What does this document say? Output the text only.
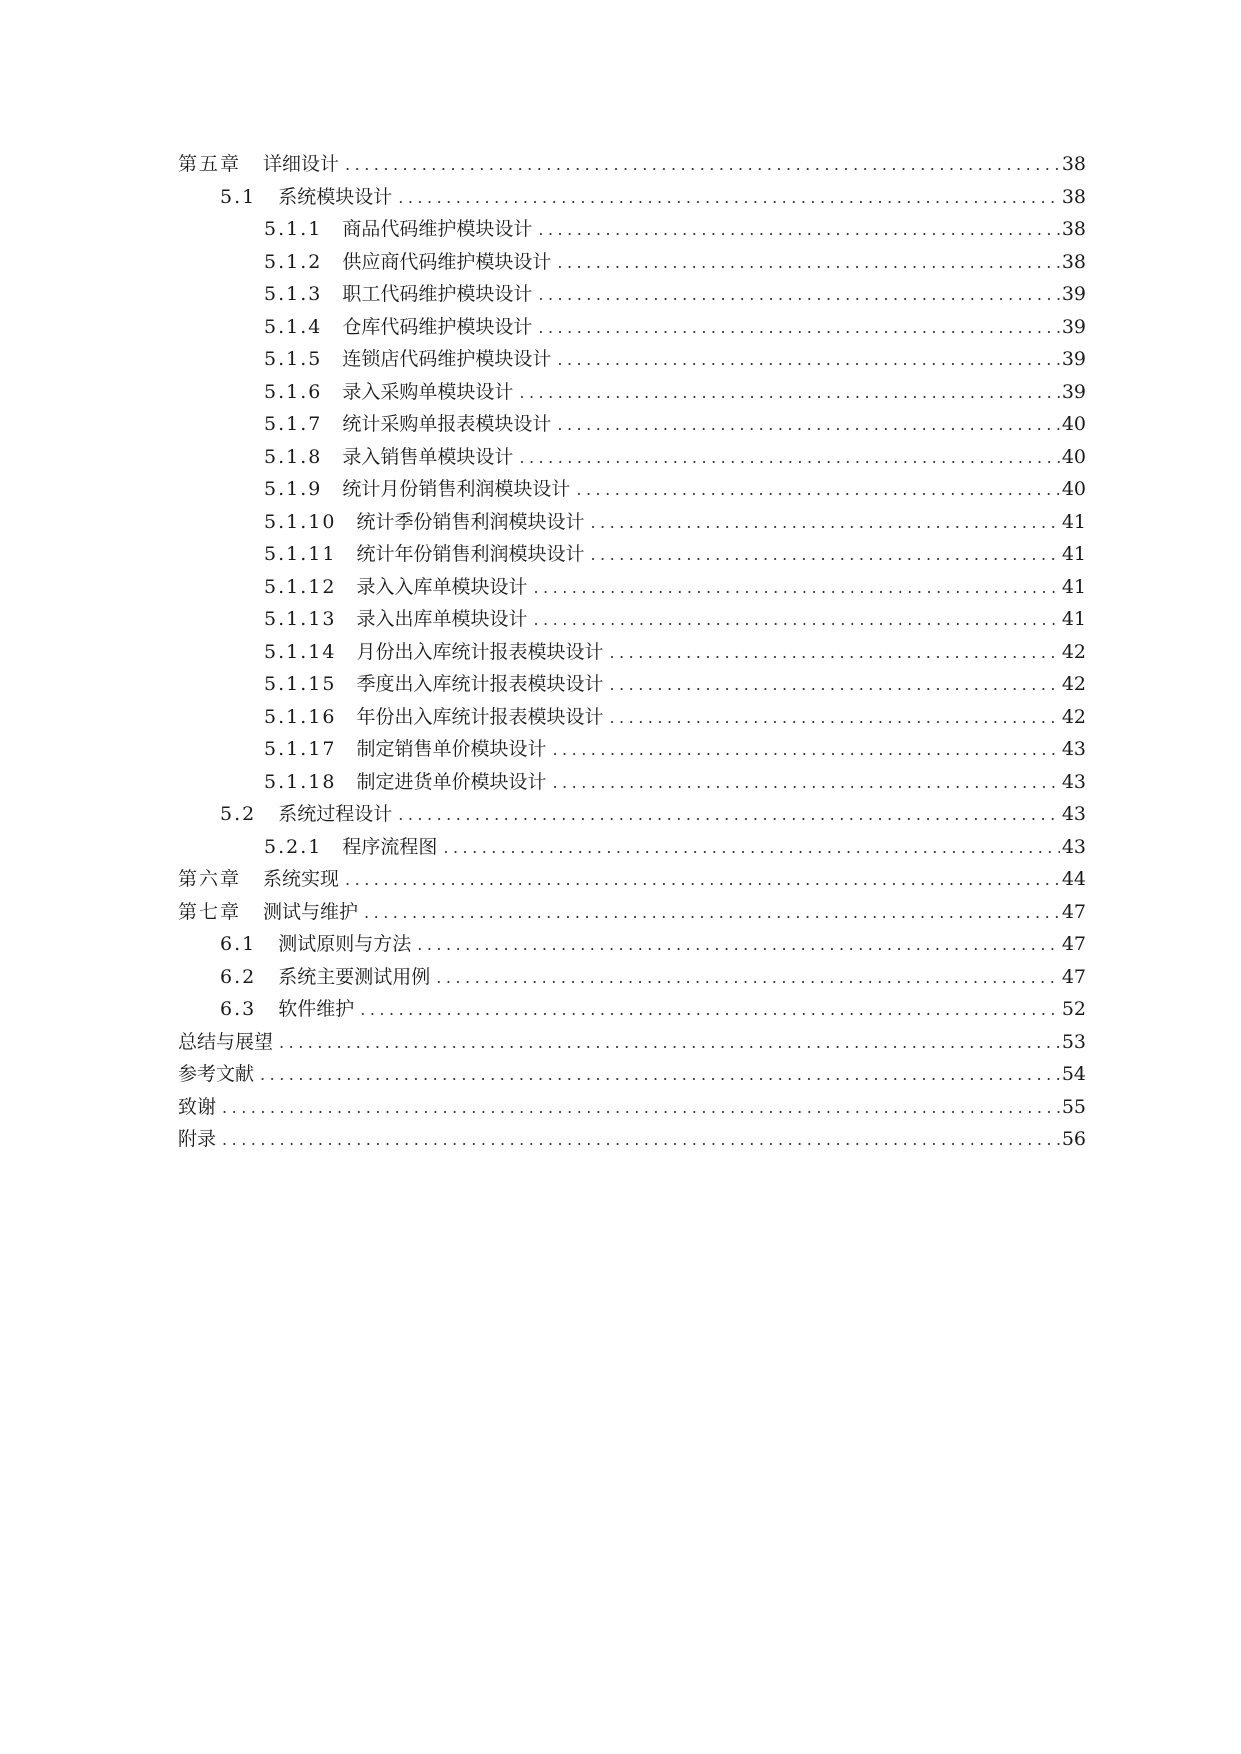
第五章 详细设计 .....	38
5.1 系统模块设计 .....	38
5.1.1 商品代码维护模块设计 .....	38
5.1.2 供应商代码维护模块设计 .....	38
5.1.3 职工代码维护模块设计 .....	39
5.1.4 仓库代码维护模块设计 .....	39
5.1.5 连锁店代码维护模块设计 .....	39
5.1.6 录入采购单模块设计 .....	39
5.1.7 统计采购单报表模块设计 .....	40
5.1.8 录入销售单模块设计 .....	40
5.1.9 统计月份销售利润模块设计 .....	40
5.1.10 统计季份销售利润模块设计 .....	41
5.1.11 统计年份销售利润模块设计 .....	41
5.1.12 录入入库单模块设计 .....	41
5.1.13 录入出库单模块设计 .....	41
5.1.14 月份出入库统计报表模块设计 .....	42
5.1.15 季度出入库统计报表模块设计 .....	42
5.1.16 年份出入库统计报表模块设计 .....	42
5.1.17 制定销售单价模块设计 .....	43
5.1.18 制定进货单价模块设计 .....	43
5.2 系统过程设计 .....	43
5.2.1 程序流程图 .....	43
第六章 系统实现 .....	44
第七章 测试与维护 .....	47
6.1 测试原则与方法 .....	47
6.2 系统主要测试用例 .....	47
6.3 软件维护 .....	52
总结与展望 .....	53
参考文献 .....	54
致谢 .....	55
附录 .....	56
